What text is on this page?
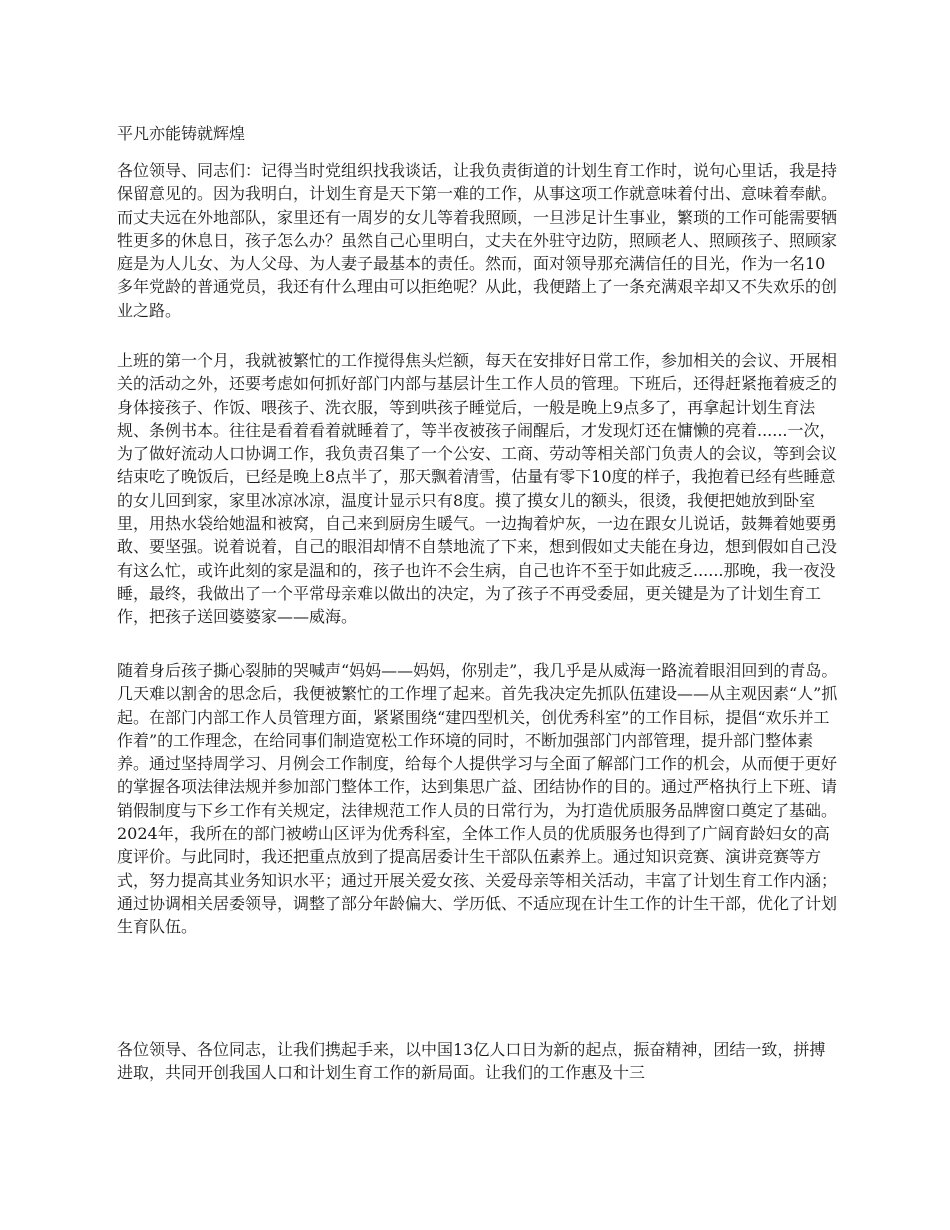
平凡亦能铸就辉煌

各位领导、同志们：记得当时党组织找我谈话，让我负责街道的计划生育工作时，说句心里话，我是持保留意见的。因为我明白，计划生育是天下第一难的工作，从事这项工作就意味着付出、意味着奉献。而丈夫远在外地部队，家里还有一周岁的女儿等着我照顾，一旦涉足计生事业，繁琐的工作可能需要牺牲更多的休息日，孩子怎么办？虽然自己心里明白，丈夫在外驻守边防，照顾老人、照顾孩子、照顾家庭是为人儿女、为人父母、为人妻子最基本的责任。然而，面对领导那充满信任的目光，作为一名10多年党龄的普通党员，我还有什么理由可以拒绝呢？从此，我便踏上了一条充满艰辛却又不失欢乐的创业之路。

上班的第一个月，我就被繁忙的工作搅得焦头烂额，每天在安排好日常工作，参加相关的会议、开展相关的活动之外，还要考虑如何抓好部门内部与基层计生工作人员的管理。下班后，还得赶紧拖着疲乏的身体接孩子、作饭、喂孩子、洗衣服，等到哄孩子睡觉后，一般是晚上9点多了，再拿起计划生育法规、条例书本。往往是看着看着就睡着了，等半夜被孩子闹醒后，才发现灯还在慵懒的亮着......一次，为了做好流动人口协调工作，我负责召集了一个公安、工商、劳动等相关部门负责人的会议，等到会议结束吃了晚饭后，已经是晚上8点半了，那天飘着清雪，估量有零下10度的样子，我抱着已经有些睡意的女儿回到家，家里冰凉冰凉，温度计显示只有8度。摸了摸女儿的额头，很烫，我便把她放到卧室里，用热水袋给她温和被窝，自己来到厨房生暖气。一边掏着炉灰，一边在跟女儿说话，鼓舞着她要勇敢、要坚强。说着说着，自己的眼泪却情不自禁地流了下来，想到假如丈夫能在身边，想到假如自己没有这么忙，或许此刻的家是温和的，孩子也许不会生病，自己也许不至于如此疲乏......那晚，我一夜没睡，最终，我做出了一个平常母亲难以做出的决定，为了孩子不再受委屈，更关键是为了计划生育工作，把孩子送回婆婆家——威海。

随着身后孩子撕心裂肺的哭喊声“妈妈——妈妈，你别走”，我几乎是从威海一路流着眼泪回到的青岛。几天难以割舍的思念后，我便被繁忙的工作埋了起来。首先我决定先抓队伍建设——从主观因素“人”抓起。在部门内部工作人员管理方面，紧紧围绕“建四型机关，创优秀科室”的工作目标，提倡“欢乐并工作着”的工作理念，在给同事们制造宽松工作环境的同时，不断加强部门内部管理，提升部门整体素养。通过坚持周学习、月例会工作制度，给每个人提供学习与全面了解部门工作的机会，从而便于更好的掌握各项法律法规并参加部门整体工作，达到集思广益、团结协作的目的。通过严格执行上下班、请销假制度与下乡工作有关规定，法律规范工作人员的日常行为，为打造优质服务品牌窗口奠定了基础。2024年，我所在的部门被崂山区评为优秀科室，全体工作人员的优质服务也得到了广阔育龄妇女的高度评价。与此同时，我还把重点放到了提高居委计生干部队伍素养上。通过知识竞赛、演讲竞赛等方式，努力提高其业务知识水平；通过开展关爱女孩、关爱母亲等相关活动，丰富了计划生育工作内涵；通过协调相关居委领导，调整了部分年龄偏大、学历低、不适应现在计生工作的计生干部，优化了计划生育队伍。

各位领导、各位同志，让我们携起手来，以中国13亿人口日为新的起点，振奋精神，团结一致，拼搏进取，共同开创我国人口和计划生育工作的新局面。让我们的工作惠及十三
